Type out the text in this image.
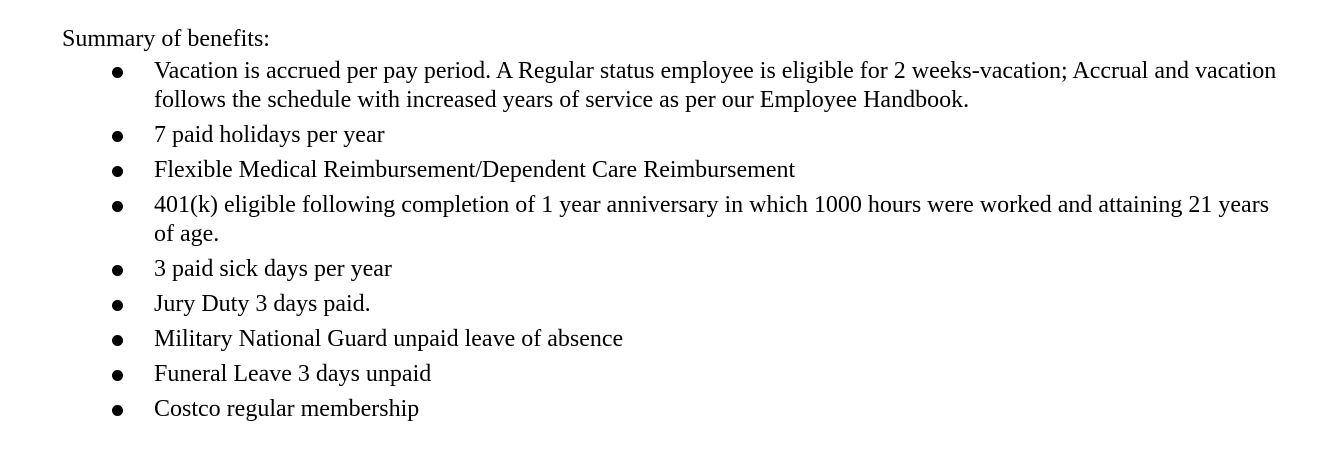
Summary of benefits:

Vacation is accrued per pay period. A Regular status employee is eligible for 2 weeks-vacation; Accrual and vacation follows the schedule with increased years of service as per our Employee Handbook.
7 paid holidays per year
Flexible Medical Reimbursement/Dependent Care Reimbursement
401(k) eligible following completion of 1 year anniversary in which 1000 hours were worked and attaining 21 years of age.
3 paid sick days per year
Jury Duty 3 days paid.
Military National Guard unpaid leave of absence
Funeral Leave 3 days unpaid
Costco regular membership
